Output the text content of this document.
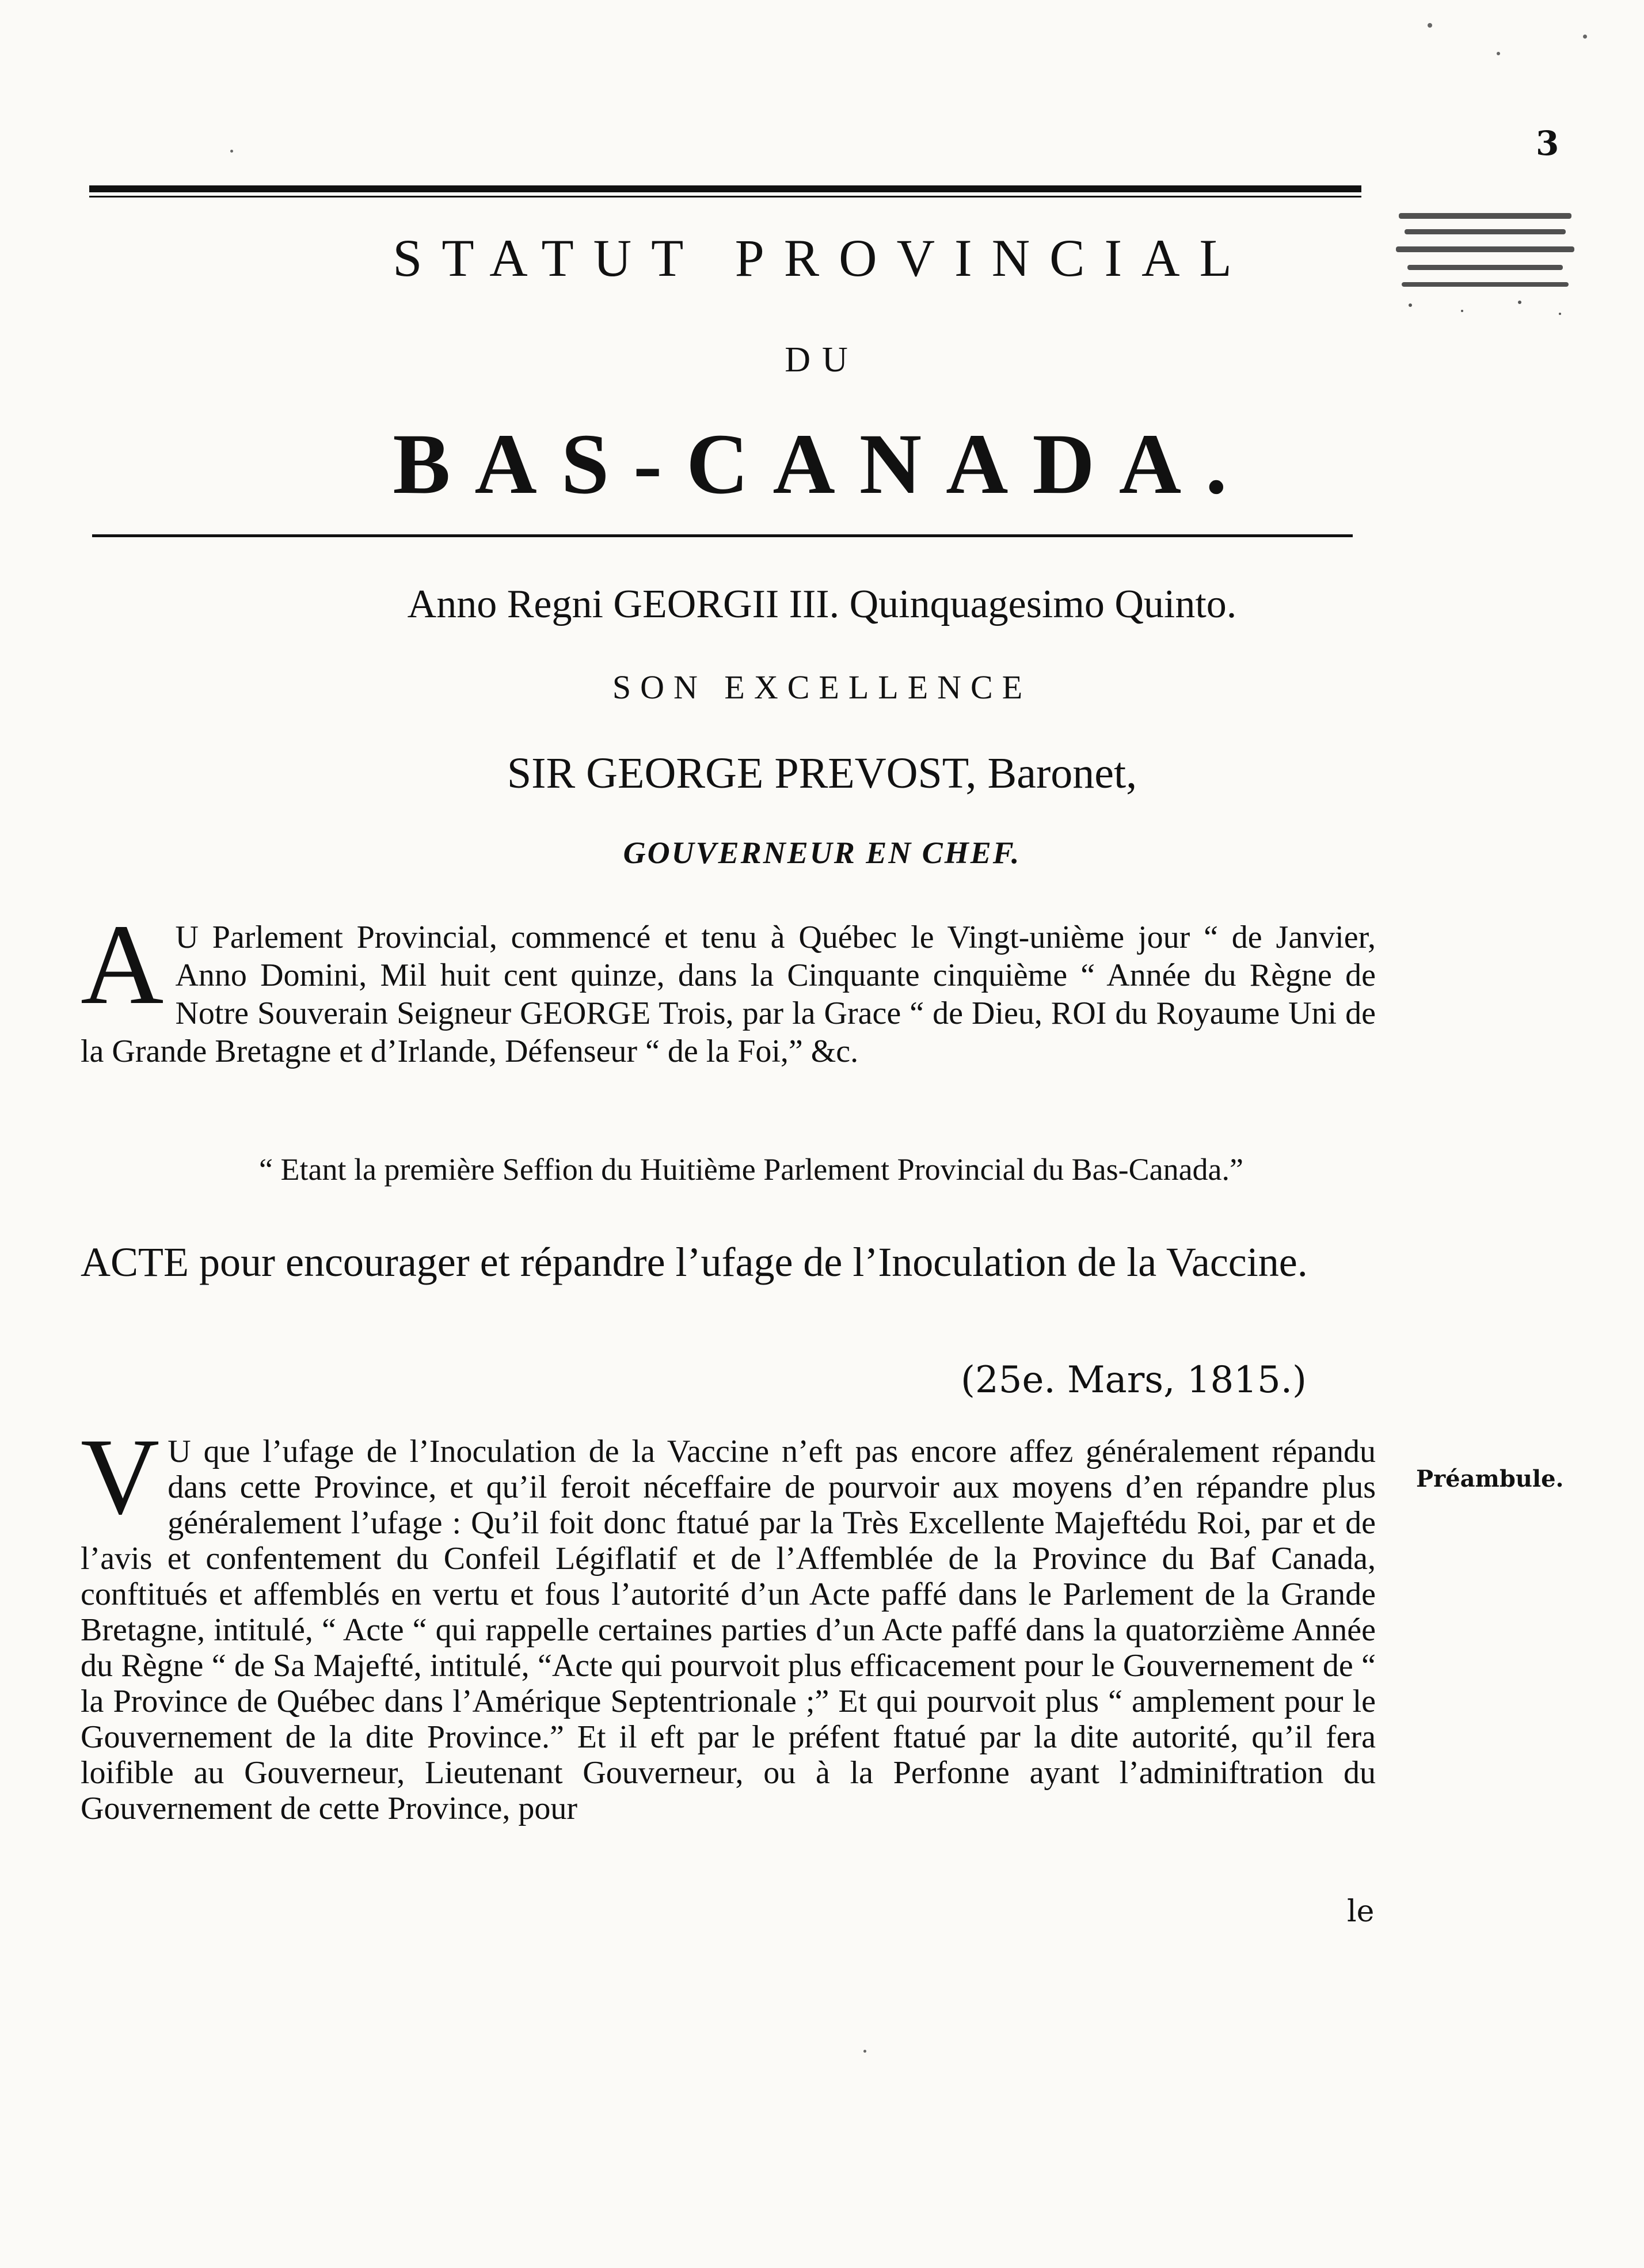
3
STATUT PROVINCIAL
DU
BAS-CANADA.
Anno Regni GEORGII III. Quinquagesimo Quinto.
SON EXCELLENCE
SIR GEORGE PREVOST, Baronet,
GOUVERNEUR EN CHEF.
A U Parlement Provincial, commencé et tenu à Québec le Vingt-unième jour “ de Janvier, Anno Domini, Mil huit cent quinze, dans la Cinquante cinquième “ Année du Règne de Notre Souverain Seigneur GEORGE Trois, par la Grace “ de Dieu, ROI du Royaume Uni de la Grande Bretagne et d’Irlande, Défenseur “ de la Foi,” &c.
“ Etant la première Seffion du Huitième Parlement Provincial du Bas-Canada.”
ACTE pour encourager et répandre l’ufage de l’Inoculation de la Vaccine.
(25e. Mars, 1815.)
Préambule.
V U que l’ufage de l’Inoculation de la Vaccine n’eft pas encore affez généralement répandu dans cette Province, et qu’il feroit néceffaire de pourvoir aux moyens d’en répandre plus généralement l’ufage : Qu’il foit donc ftatué par la Très Excellente Majeftédu Roi, par et de l’avis et confentement du Confeil Légiflatif et de l’Affemblée de la Province du Baf Canada, conftitués et affemblés en vertu et fous l’autorité d’un Acte paffé dans le Parlement de la Grande Bretagne, intitulé, “ Acte “ qui rappelle certaines parties d’un Acte paffé dans la quatorzième Année du Règne “ de Sa Majefté, intitulé, “Acte qui pourvoit plus efficacement pour le Gouvernement de “ la Province de Québec dans l’Amérique Septentrionale ;” Et qui pourvoit plus “ amplement pour le Gouvernement de la dite Province.” Et il eft par le préfent ftatué par la dite autorité, qu’il fera loifible au Gouverneur, Lieutenant Gouverneur, ou à la Perfonne ayant l’adminiftration du Gouvernement de cette Province, pour
le
